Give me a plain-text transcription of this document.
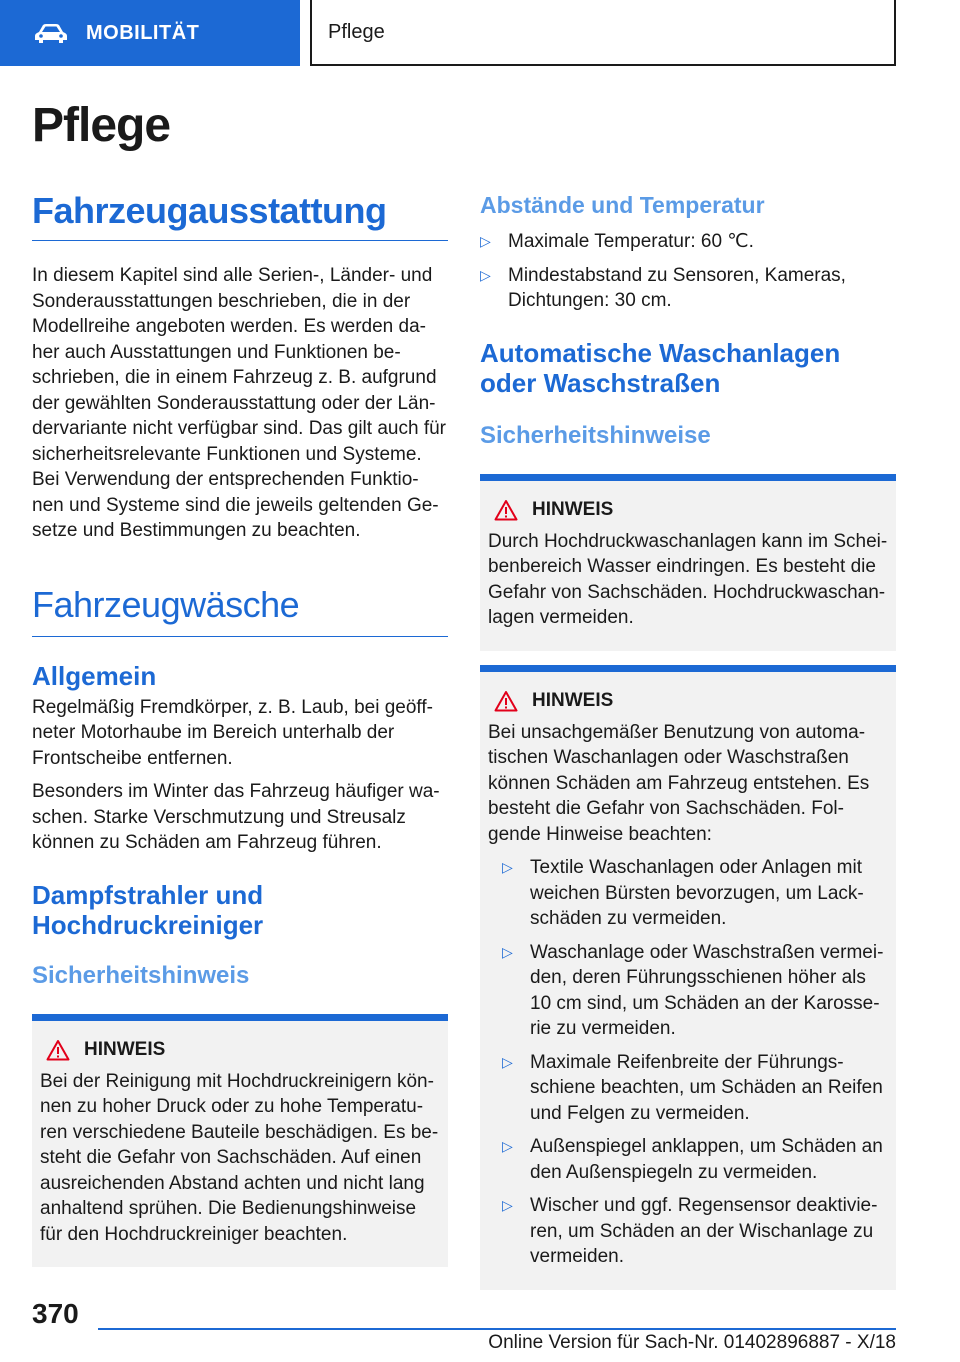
MOBILITÄT	Pflege
Pflege
Fahrzeugausstattung
In diesem Kapitel sind alle Serien-, Länder- und Sonderausstattungen beschrieben, die in der Modellreihe angeboten werden. Es werden da-her auch Ausstattungen und Funktionen be-schrieben, die in einem Fahrzeug z. B. aufgrund der gewählten Sonderausstattung oder der Län-dervariante nicht verfügbar sind. Das gilt auch für sicherheitsrelevante Funktionen und Systeme. Bei Verwendung der entsprechenden Funktio-nen und Systeme sind die jeweils geltenden Ge-setze und Bestimmungen zu beachten.
Fahrzeugwäsche
Allgemein
Regelmäßig Fremdkörper, z. B. Laub, bei geöff-neter Motorhaube im Bereich unterhalb der Frontscheibe entfernen.
Besonders im Winter das Fahrzeug häufiger wa-schen. Starke Verschmutzung und Streusalz können zu Schäden am Fahrzeug führen.
Dampfstrahler und Hochdruckreiniger
Sicherheitshinweis
HINWEIS
Bei der Reinigung mit Hochdruckreinigern kön-nen zu hoher Druck oder zu hohe Temperatu-ren verschiedene Bauteile beschädigen. Es be-steht die Gefahr von Sachschäden. Auf einen ausreichenden Abstand achten und nicht lang anhaltend sprühen. Die Bedienungshinweise für den Hochdruckreiniger beachten.
Abstände und Temperatur
▷ Maximale Temperatur: 60 ℃.
▷ Mindestabstand zu Sensoren, Kameras, Dichtungen: 30 cm.
Automatische Waschanlagen oder Waschstraßen
Sicherheitshinweise
HINWEIS
Durch Hochdruckwaschanlagen kann im Schei-benbereich Wasser eindringen. Es besteht die Gefahr von Sachschäden. Hochdruckwaschan-lagen vermeiden.
HINWEIS
Bei unsachgemäßer Benutzung von automa-tischen Waschanlagen oder Waschstraßen können Schäden am Fahrzeug entstehen. Es besteht die Gefahr von Sachschäden. Fol-gende Hinweise beachten:
▷ Textile Waschanlagen oder Anlagen mit weichen Bürsten bevorzugen, um Lack-schäden zu vermeiden.
▷ Waschanlage oder Waschstraßen vermei-den, deren Führungsschienen höher als 10 cm sind, um Schäden an der Karosse-rie zu vermeiden.
▷ Maximale Reifenbreite der Führungs-schiene beachten, um Schäden an Reifen und Felgen zu vermeiden.
▷ Außenspiegel anklappen, um Schäden an den Außenspiegeln zu vermeiden.
▷ Wischer und ggf. Regensensor deaktivie-ren, um Schäden an der Wischanlage zu vermeiden.
370
Online Version für Sach-Nr. 01402896887 - X/18
